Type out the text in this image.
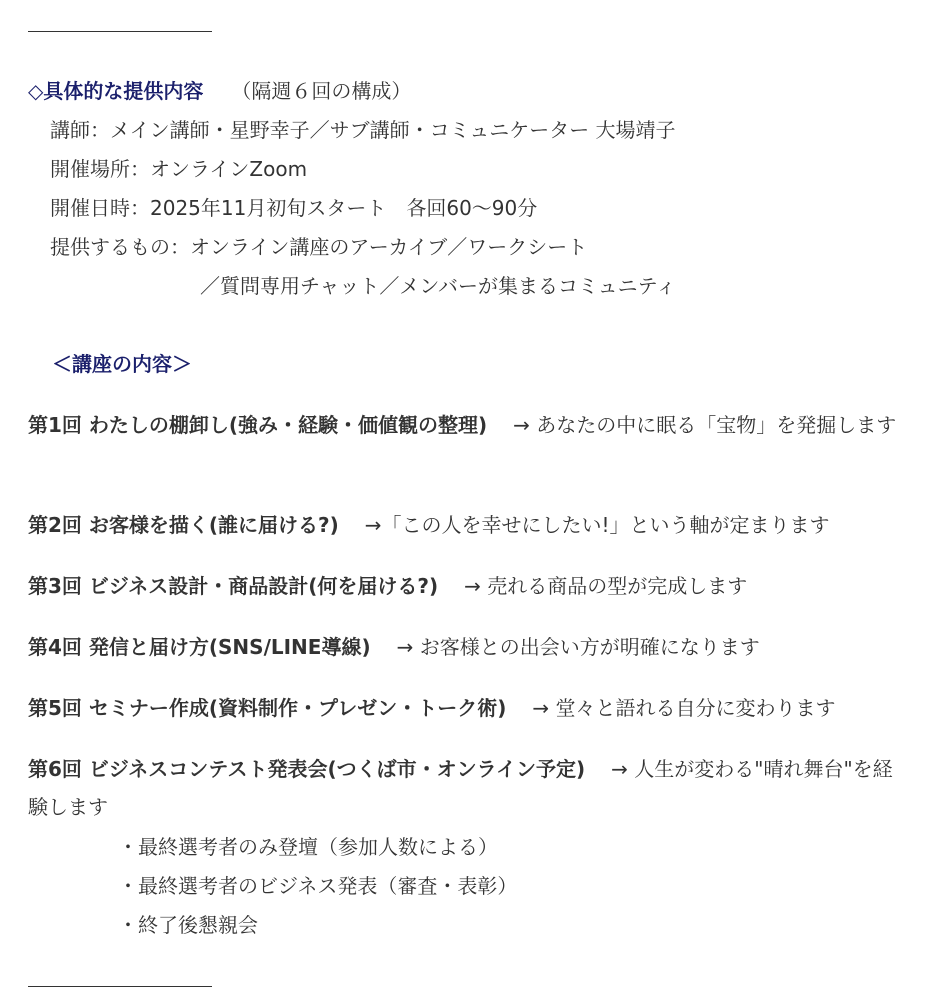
◇具体的な提供内容 （隔週６回の構成）
講師：メイン講師・星野幸子／サブ講師・コミュニケーター 大場靖子
開催場所：オンラインZoom
開催日時：2025年11月初旬スタート　各回60～90分
提供するもの：オンライン講座のアーカイブ／ワークシート
／質問専用チャット／メンバーが集まるコミュニティ
＜講座の内容＞
第1回 わたしの棚卸し(強み・経験・価値観の整理) → あなたの中に眠る「宝物」を発掘します
第2回 お客様を描く(誰に届ける?) →「この人を幸せにしたい!」という軸が定まります
第3回 ビジネス設計・商品設計(何を届ける?) → 売れる商品の型が完成します
第4回 発信と届け方(SNS/LINE導線) → お客様との出会い方が明確になります
第5回 セミナー作成(資料制作・プレゼン・トーク術) → 堂々と語れる自分に変わります
第6回 ビジネスコンテスト発表会(つくば市・オンライン予定) → 人生が変わる"晴れ舞台"を経験します
・最終選考者のみ登壇（参加人数による）
・最終選考者のビジネス発表（審査・表彰）
・終了後懇親会
